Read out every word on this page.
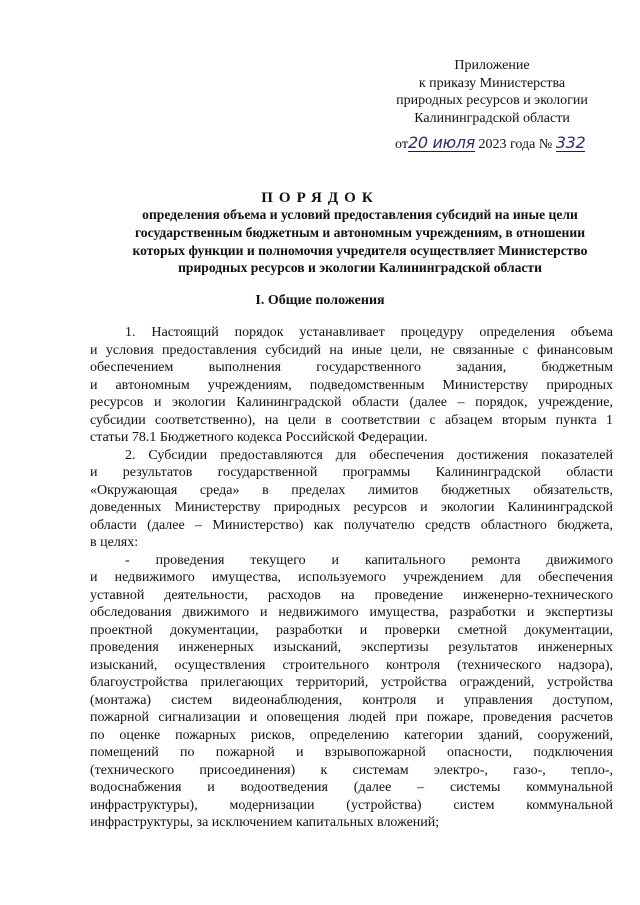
Приложение
к приказу Министерства
природных ресурсов и экологии
Калининградской области
от20 июля 2023 года № 332
ПОРЯДОК
определения объема и условий предоставления субсидий на иные цели
государственным бюджетным и автономным учреждениям, в отношении
которых функции и полномочия учредителя осуществляет Министерство
природных ресурсов и экологии Калининградской области
I. Общие положения
1. Настоящий порядок устанавливает процедуру определения объема
и условия предоставления субсидий на иные цели, не связанные с финансовым
обеспечением выполнения государственного задания, бюджетным
и автономным учреждениям, подведомственным Министерству природных
ресурсов и экологии Калининградской области (далее – порядок, учреждение,
субсидии соответственно), на цели в соответствии с абзацем вторым пункта 1
статьи 78.1 Бюджетного кодекса Российской Федерации.
2. Субсидии предоставляются для обеспечения достижения показателей
и результатов государственной программы Калининградской области
«Окружающая среда» в пределах лимитов бюджетных обязательств,
доведенных Министерству природных ресурсов и экологии Калининградской
области (далее – Министерство) как получателю средств областного бюджета,
в целях:
- проведения текущего и капитального ремонта движимого
и недвижимого имущества, используемого учреждением для обеспечения
уставной деятельности, расходов на проведение инженерно-технического
обследования движимого и недвижимого имущества, разработки и экспертизы
проектной документации, разработки и проверки сметной документации,
проведения инженерных изысканий, экспертизы результатов инженерных
изысканий, осуществления строительного контроля (технического надзора),
благоустройства прилегающих территорий, устройства ограждений, устройства
(монтажа) систем видеонаблюдения, контроля и управления доступом,
пожарной сигнализации и оповещения людей при пожаре, проведения расчетов
по оценке пожарных рисков, определению категории зданий, сооружений,
помещений по пожарной и взрывопожарной опасности, подключения
(технического присоединения) к системам электро-, газо-, тепло-,
водоснабжения и водоотведения (далее – системы коммунальной
инфраструктуры), модернизации (устройства) систем коммунальной
инфраструктуры, за исключением капитальных вложений;
